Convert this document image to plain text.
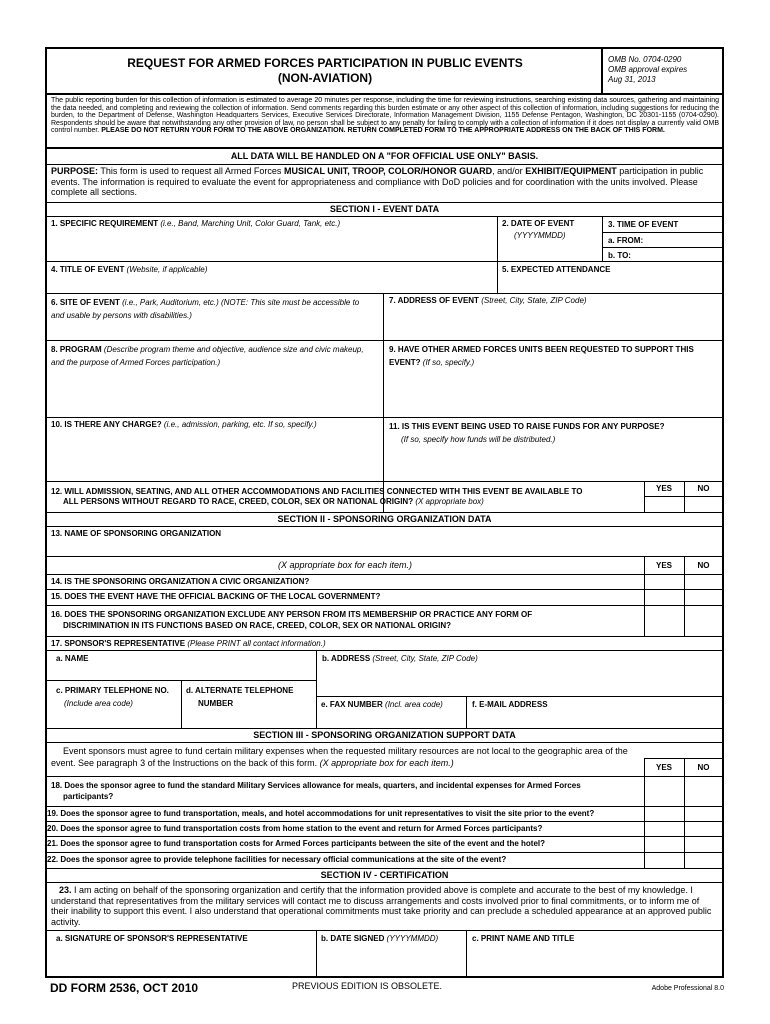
REQUEST FOR ARMED FORCES PARTICIPATION IN PUBLIC EVENTS
(NON-AVIATION)
OMB No. 0704-0290
OMB approval expires
Aug 31, 2013
The public reporting burden for this collection of information is estimated to average 20 minutes per response, including the time for reviewing instructions, searching existing data sources, gathering and maintaining the data needed, and completing and reviewing the collection of information. Send comments regarding this burden estimate or any other aspect of this collection of information, including suggestions for reducing the burden, to the Department of Defense, Washington Headquarters Services, Executive Services Directorate, Information Management Division, 1155 Defense Pentagon, Washington, DC 20301-1155 (0704-0290). Respondents should be aware that notwithstanding any other provision of law, no person shall be subject to any penalty for failing to comply with a collection of information if it does not display a currently valid OMB control number. PLEASE DO NOT RETURN YOUR FORM TO THE ABOVE ORGANIZATION. RETURN COMPLETED FORM TO THE APPROPRIATE ADDRESS ON THE BACK OF THIS FORM.
ALL DATA WILL BE HANDLED ON A "FOR OFFICIAL USE ONLY" BASIS.
PURPOSE: This form is used to request all Armed Forces MUSICAL UNIT, TROOP, COLOR/HONOR GUARD, and/or EXHIBIT/EQUIPMENT participation in public events. The information is required to evaluate the event for appropriateness and compliance with DoD policies and for coordination with the units involved. Please complete all sections.
SECTION I - EVENT DATA
1. SPECIFIC REQUIREMENT (i.e., Band, Marching Unit, Color Guard, Tank, etc.)	2. DATE OF EVENT
(YYYYMMDD)
3. TIME OF EVENT
a. FROM:
b. TO:
4. TITLE OF EVENT (Website, if applicable)	5. EXPECTED ATTENDANCE
6. SITE OF EVENT (i.e., Park, Auditorium, etc.) (NOTE: This site must be accessible to and usable by persons with disabilities.)
7. ADDRESS OF EVENT (Street, City, State, ZIP Code)
8. PROGRAM (Describe program theme and objective, audience size and civic makeup, and the purpose of Armed Forces participation.)
9. HAVE OTHER ARMED FORCES UNITS BEEN REQUESTED TO SUPPORT THIS EVENT? (If so, specify.)
10. IS THERE ANY CHARGE? (i.e., admission, parking, etc. If so, specify.)	11. IS THIS EVENT BEING USED TO RAISE FUNDS FOR ANY PURPOSE?
(If so, specify how funds will be distributed.)
12. WILL ADMISSION, SEATING, AND ALL OTHER ACCOMMODATIONS AND FACILITIES CONNECTED WITH THIS EVENT BE AVAILABLE TO
ALL PERSONS WITHOUT REGARD TO RACE, CREED, COLOR, SEX OR NATIONAL ORIGIN? (X appropriate box)
YES	NO
SECTION II - SPONSORING ORGANIZATION DATA
13. NAME OF SPONSORING ORGANIZATION
(X appropriate box for each item.)	YES	NO
14. IS THE SPONSORING ORGANIZATION A CIVIC ORGANIZATION?
15. DOES THE EVENT HAVE THE OFFICIAL BACKING OF THE LOCAL GOVERNMENT?
16. DOES THE SPONSORING ORGANIZATION EXCLUDE ANY PERSON FROM ITS MEMBERSHIP OR PRACTICE ANY FORM OF
DISCRIMINATION IN ITS FUNCTIONS BASED ON RACE, CREED, COLOR, SEX OR NATIONAL ORIGIN?
17. SPONSOR'S REPRESENTATIVE (Please PRINT all contact information.)
a. NAME	b. ADDRESS (Street, City, State, ZIP Code)
c. PRIMARY TELEPHONE NO.
(Include area code)
d. ALTERNATE TELEPHONE
NUMBER	e. FAX NUMBER (Incl. area code)	f. E-MAIL ADDRESS
SECTION III - SPONSORING ORGANIZATION SUPPORT DATA
Event sponsors must agree to fund certain military expenses when the requested military resources are not local to the geographic area of the
event. See paragraph 3 of the Instructions on the back of this form. (X appropriate box for each item.)	YES	NO
18. Does the sponsor agree to fund the standard Military Services allowance for meals, quarters, and incidental expenses for Armed Forces
participants?
19. Does the sponsor agree to fund transportation, meals, and hotel accommodations for unit representatives to visit the site prior to the event?
20. Does the sponsor agree to fund transportation costs from home station to the event and return for Armed Forces participants?
21. Does the sponsor agree to fund transportation costs for Armed Forces participants between the site of the event and the hotel?
22. Does the sponsor agree to provide telephone facilities for necessary official communications at the site of the event?
SECTION IV - CERTIFICATION
23. I am acting on behalf of the sponsoring organization and certify that the information provided above is complete and accurate to the best of my knowledge. I understand that representatives from the military services will contact me to discuss arrangements and costs involved prior to final commitments, or to inform me of their inability to support this event. I also understand that operational commitments must take priority and can preclude a scheduled appearance at an approved public activity.
a. SIGNATURE OF SPONSOR'S REPRESENTATIVE	b. DATE SIGNED (YYYYMMDD)	c. PRINT NAME AND TITLE
DD FORM 2536, OCT 2010	PREVIOUS EDITION IS OBSOLETE.	Adobe Professional 8.0
